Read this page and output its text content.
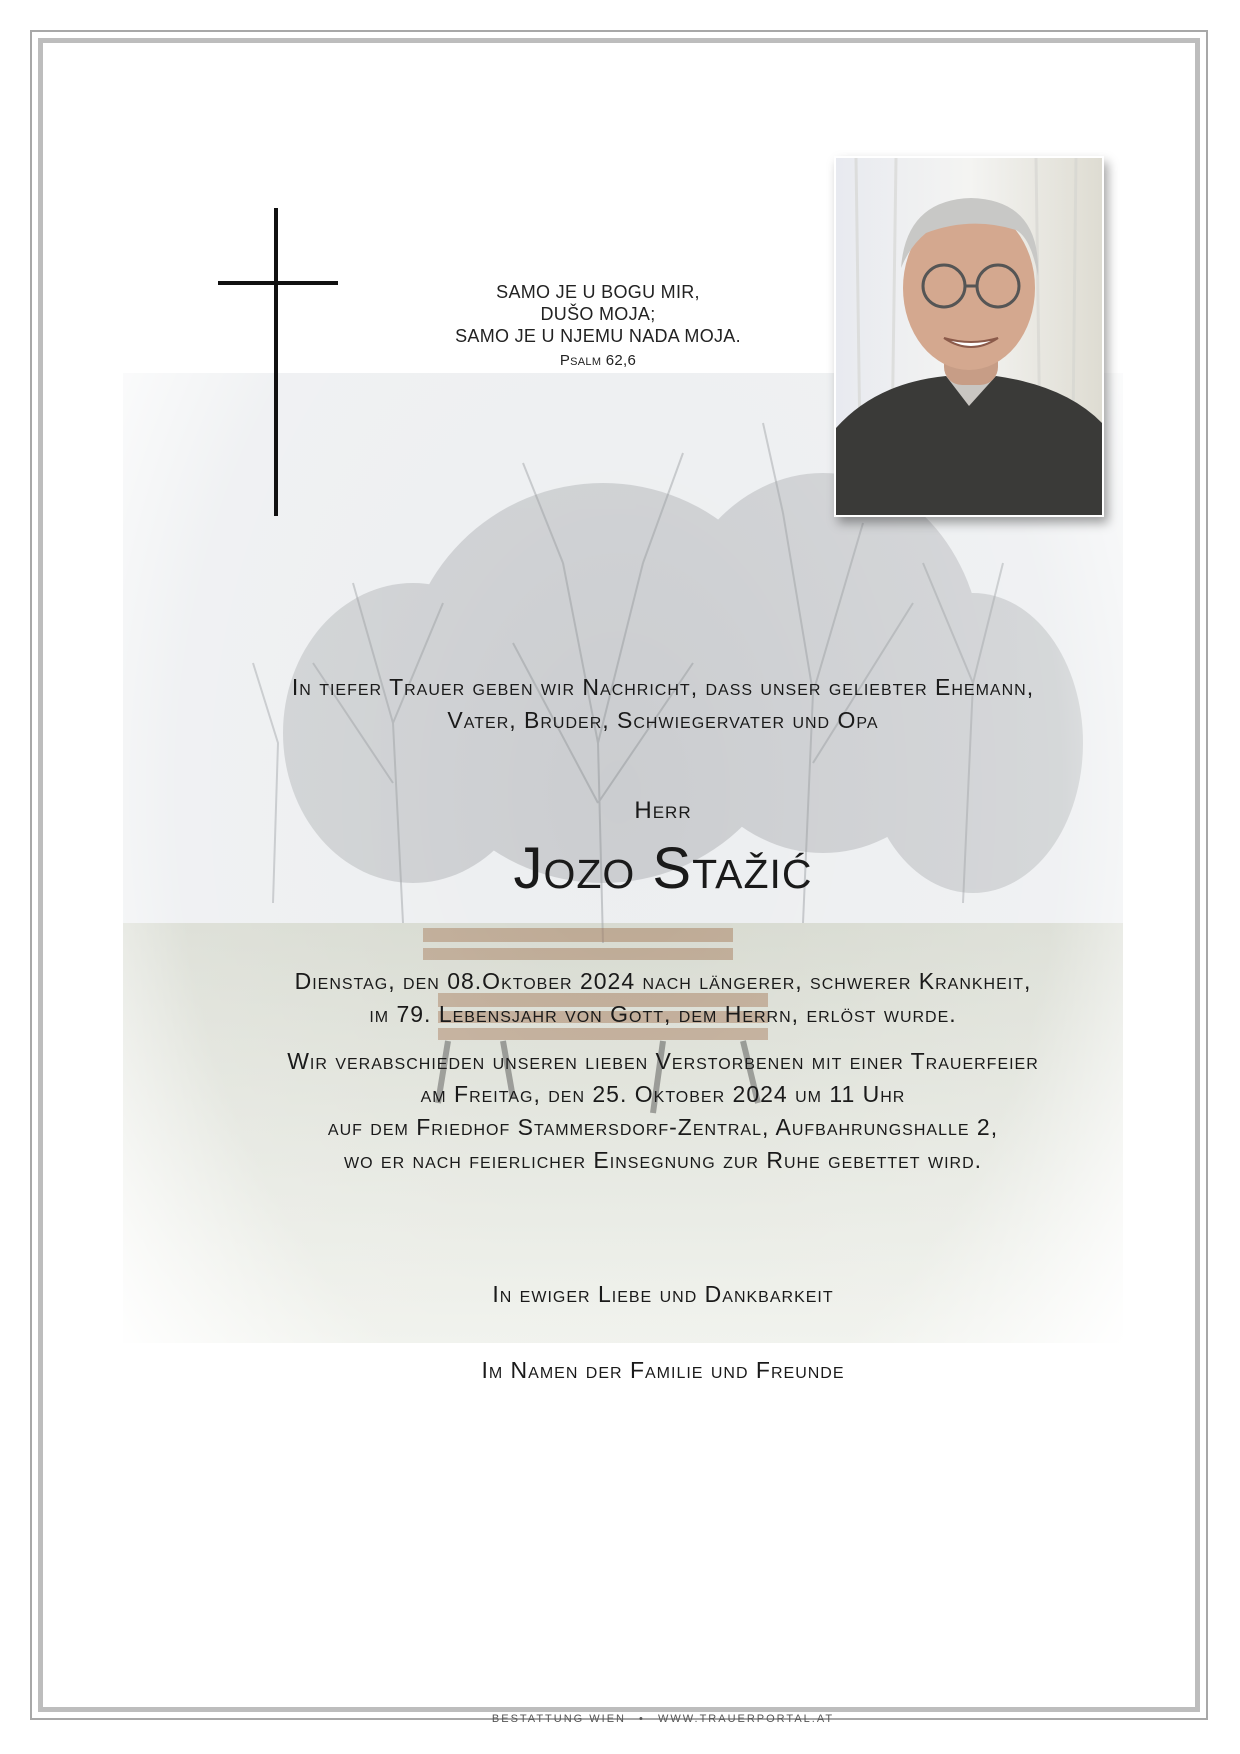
SAMO JE U BOGU MIR,
DUŠO MOJA;
SAMO JE U NJEMU NADA MOJA.
Psalm 62,6
In tiefer Trauer geben wir Nachricht, dass unser geliebter Ehemann,
Vater, Bruder, Schwiegervater und Opa
Herr
Jozo Stažić
Dienstag, den 08.Oktober 2024 nach längerer, schwerer Krankheit,
im 79. Lebensjahr von Gott, dem Herrn, erlöst wurde.
Wir verabschieden unseren lieben Verstorbenen mit einer Trauerfeier
am Freitag, den 25. Oktober 2024 um 11 Uhr
auf dem Friedhof Stammersdorf-Zentral, Aufbahrungshalle 2,
wo er nach feierlicher Einsegnung zur Ruhe gebettet wird.
In ewiger Liebe und Dankbarkeit
Im Namen der Familie und Freunde
BESTATTUNG WIEN • WWW.TRAUERPORTAL.AT
